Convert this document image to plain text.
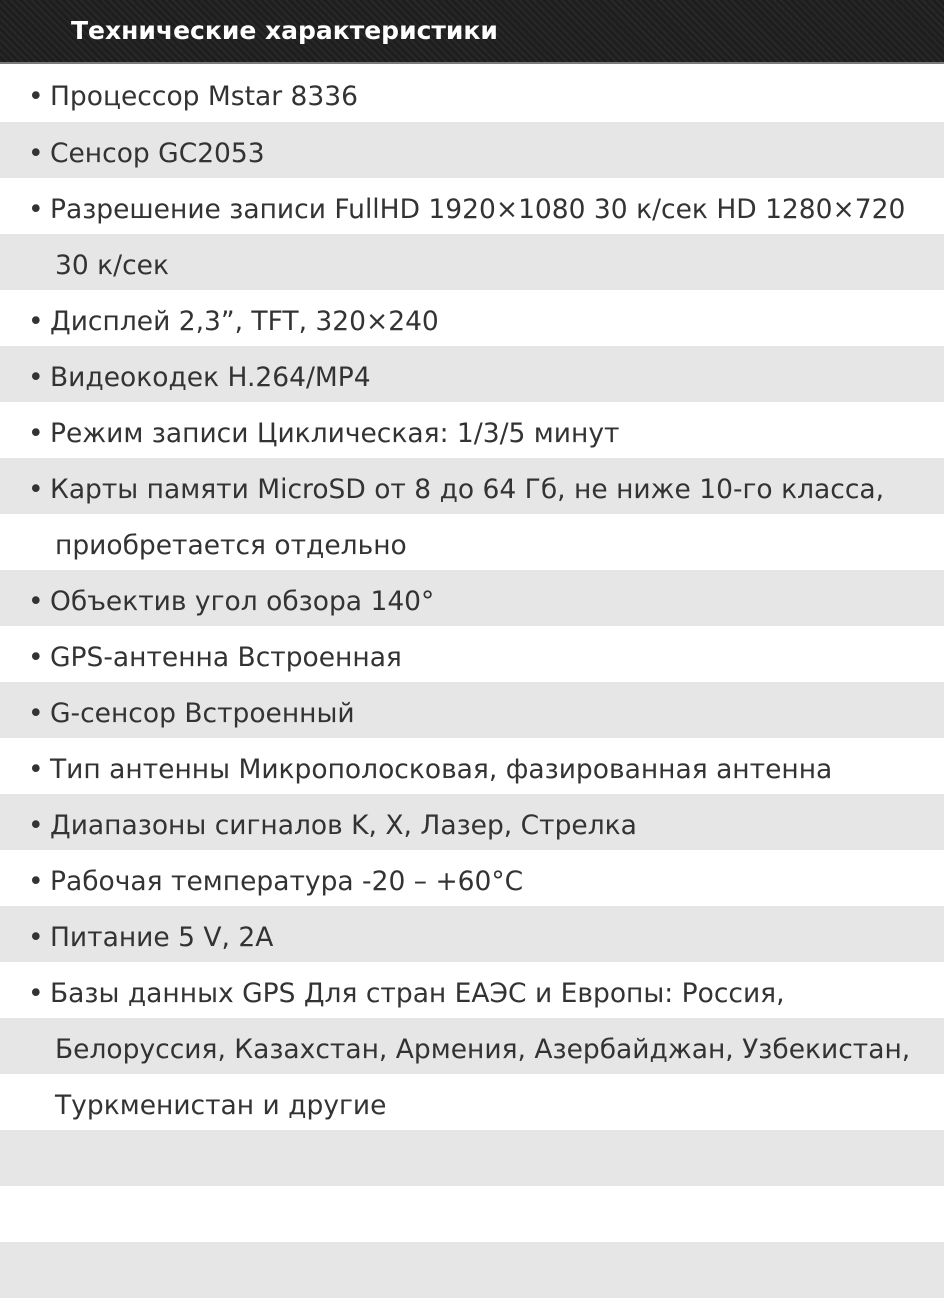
Технические характеристики
• Процессор Mstar 8336
• Сенсор GC2053
• Разрешение записи FullHD 1920×1080 30 к/сек HD 1280×720
30 к/сек
• Дисплей 2,3”, TFT, 320×240
• Видеокодек H.264/MP4
• Режим записи Циклическая: 1/3/5 минут
• Карты памяти MicroSD от 8 до 64 Гб, не ниже 10-го класса,
приобретается отдельно
• Объектив угол обзора 140°
• GPS-антенна Встроенная
• G-сенсор Встроенный
• Тип антенны Микрополосковая, фазированная антенна
• Диапазоны сигналов K, X, Лазер, Стрелка
• Рабочая температура -20 – +60°C
• Питание 5 V, 2A
• Базы данных GPS Для стран ЕАЭС и Европы: Россия,
Белоруссия, Казахстан, Армения, Азербайджан, Узбекистан,
Туркменистан и другие
